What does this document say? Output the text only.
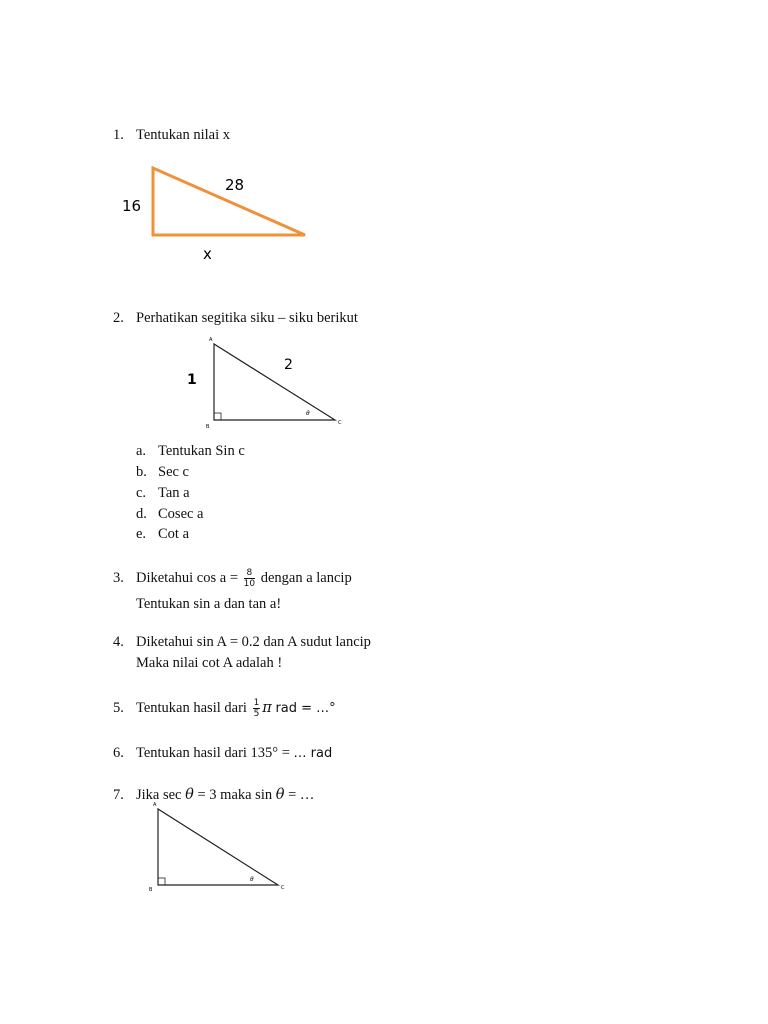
1. Tentukan nilai x
16
28
x
2. Perhatikan segitika siku – siku berikut
A
B
C
1
2
θ
a. Tentukan Sin c
b. Sec c
c. Tan a
d. Cosec a
e. Cot a
3. Diketahui $\cos a = \frac{8}{10}$ dengan a lancip
Tentukan sin a dan tan a!
4. Diketahui sin A = 0.2 dan A sudut lancip
Maka nilai cot A adalah !
5. Tentukan hasil dari $\frac{1}{5}$ π rad = …°
6. Tentukan hasil dari 135° = … rad
7. Jika sec θ = 3 maka sin θ = …
A
B	C
θ
